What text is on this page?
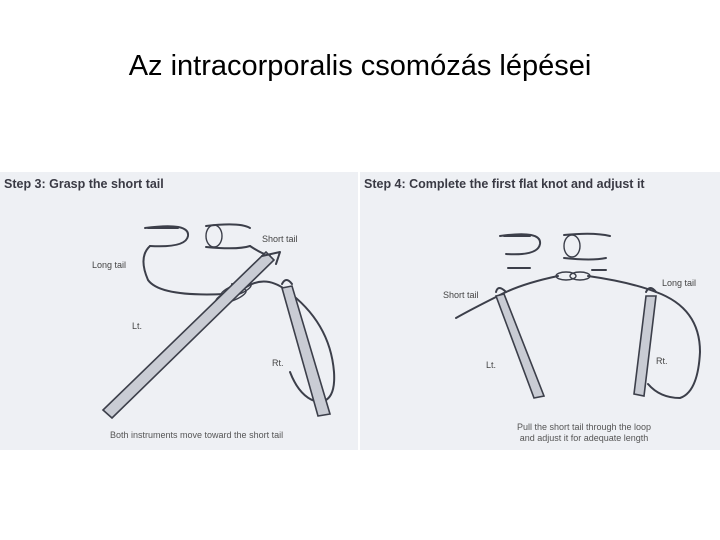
Az intracorporalis csomózás lépései
Step 3: Grasp the short tail
Short tail
Long tail
Lt.
Rt.
Both instruments move toward the short tail
Step 4: Complete the first flat knot and adjust it
Short tail
Long tail
Lt.	Rt.
Pull the short tail through the loop
and adjust it for adequate length
